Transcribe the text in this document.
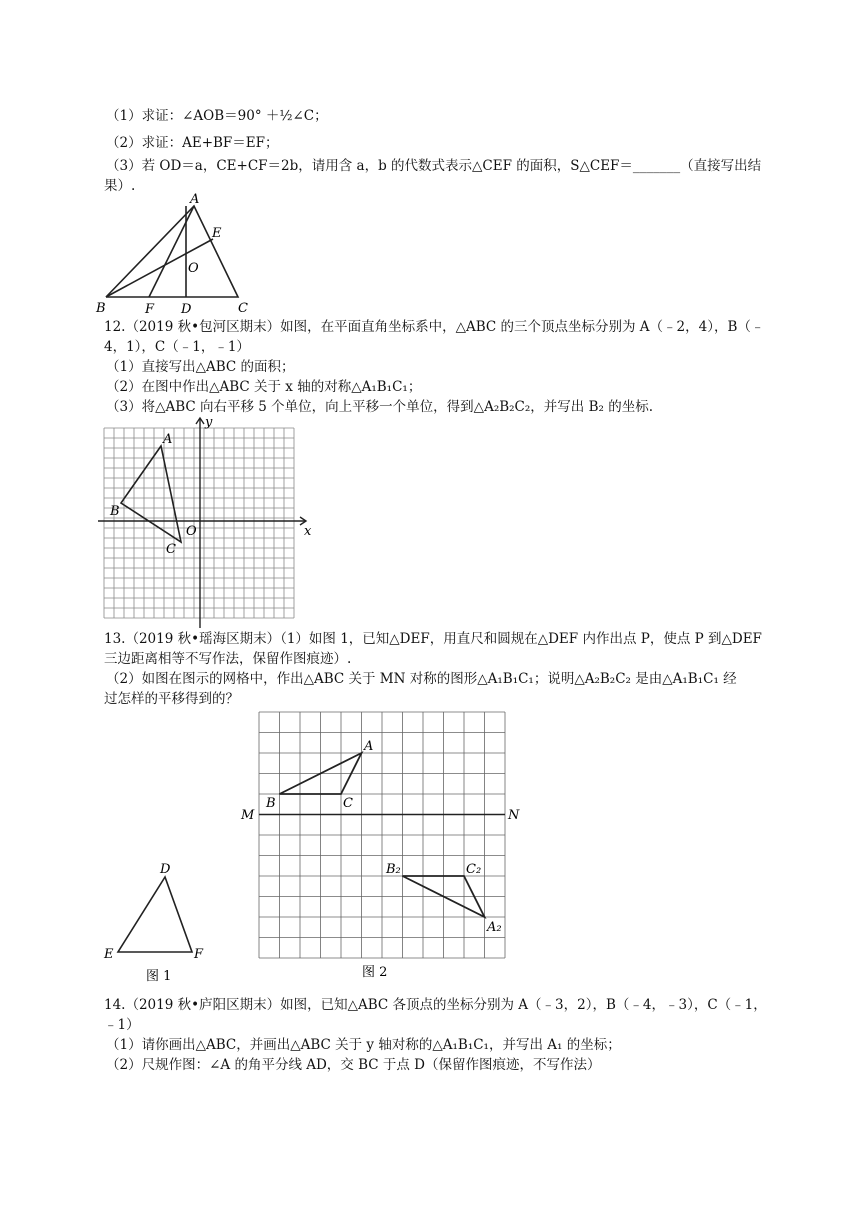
（1）求证：∠AOB＝90° ＋½∠C；
（2）求证：AE+BF＝EF；
（3）若 OD＝a，CE+CF＝2b，请用含 a，b 的代数式表示△CEF 的面积，S△CEF＝_______（直接写出结
果）.
A
E
O
B	F D	C
12.（2019 秋•包河区期末）如图，在平面直角坐标系中，△ABC 的三个顶点坐标分别为 A（﹣2，4），B（﹣
4，1），C（﹣1，﹣1）
（1）直接写出△ABC 的面积；
（2）在图中作出△ABC 关于 x 轴的对称△A₁B₁C₁；
（3）将△ABC 向右平移 5 个单位，向上平移一个单位，得到△A₂B₂C₂，并写出 B₂ 的坐标.
y
x
A
B
O
C
13.（2019 秋•瑶海区期末）（1）如图 1，已知△DEF，用直尺和圆规在△DEF 内作出点 P，使点 P 到△DEF
三边距离相等不写作法，保留作图痕迹）.
（2）如图在图示的网格中，作出△ABC 关于 MN 对称的图形△A₁B₁C₁；说明△A₂B₂C₂ 是由△A₁B₁C₁ 经
过怎样的平移得到的？
D
E	F
图 1
M	N
A
B	C
B₂	C₂
A₂
图 2
14.（2019 秋•庐阳区期末）如图，已知△ABC 各顶点的坐标分别为 A（﹣3，2），B（﹣4，﹣3），C（﹣1，
﹣1）
（1）请你画出△ABC，并画出△ABC 关于 y 轴对称的△A₁B₁C₁，并写出 A₁ 的坐标；
（2）尺规作图：∠A 的角平分线 AD，交 BC 于点 D（保留作图痕迹，不写作法）
